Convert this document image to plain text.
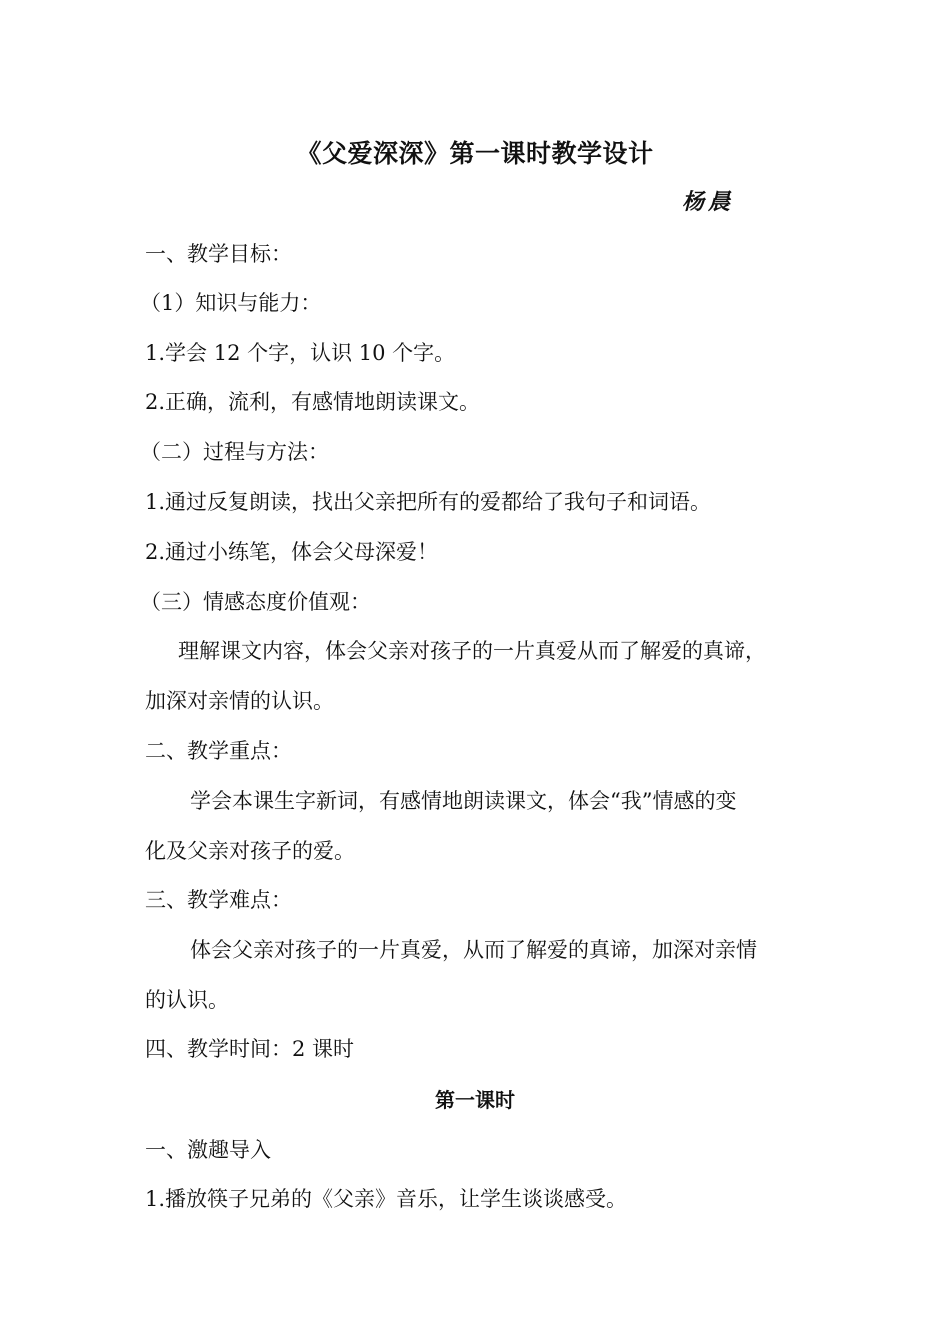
《父爱深深》第一课时教学设计
杨晨
一、教学目标：
（1）知识与能力：
1.学会 12 个字，认识 10 个字。
2.正确，流利，有感情地朗读课文。
（二）过程与方法：
1.通过反复朗读，找出父亲把所有的爱都给了我句子和词语。
2.通过小练笔，体会父母深爱！
（三）情感态度价值观：
理解课文内容，体会父亲对孩子的一片真爱从而了解爱的真谛，
加深对亲情的认识。
二、教学重点：
学会本课生字新词，有感情地朗读课文，体会“我”情感的变
化及父亲对孩子的爱。
三、教学难点：
体会父亲对孩子的一片真爱，从而了解爱的真谛，加深对亲情
的认识。
四、教学时间：2 课时
第一课时
一、激趣导入
1.播放筷子兄弟的《父亲》音乐，让学生谈谈感受。
